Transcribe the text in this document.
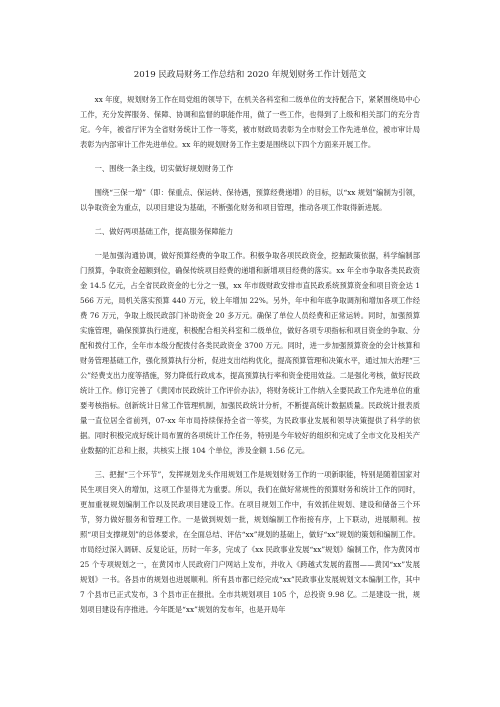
2019 民政局财务工作总结和 2020 年规划财务工作计划范文

xx 年度，规划财务工作在局党组的领导下，在机关各科室和二级单位的支持配合下，紧紧围绕局中心工作，充分发挥服务、保障、协调和监督的职能作用，做了一些工作，也得到了上级和相关部门的充分肯定。今年，被省厅评为全省财务统计工作一等奖，被市财政局表彰为全市财会工作先进单位，被市审计局表彰为内部审计工作先进单位。xx 年的规划财务工作主要是围绕以下四个方面来开展工作。

一、围绕一条主线，切实做好规划财务工作

围绕“三保一增”（即：保重点、保运转、保待遇，预算经费递增）的目标，以“xx 规划”编制为引领，以争取资金为重点，以项目建设为基础，不断强化财务和项目管理，推动各项工作取得新进展。

二、做好两项基础工作，提高服务保障能力

一是加强沟通协调，做好预算经费的争取工作。积极争取各项民政资金，挖掘政策依据，科学编制部门预算，争取资金超额到位，确保传统项目经费的递增和新增项目经费的落实。xx 年全市争取各类民政资金 14.5 亿元，占全省民政资金的七分之一强，xx 年市级财政安排市直民政系统预算资金和项目资金达 1566 万元，局机关落实预算 440 万元，较上年增加 22%。另外，年中和年底争取调剂和增加各项工作经费 76 万元，争取上级民政部门补助资金 20 多万元。确保了单位人员经费和正常运转。同时，加强预算实施管理，确保预算执行进度，积极配合相关科室和二级单位，做好各项专项指标和项目资金的争取、分配和拨付工作，全年市本级分配拨付各类民政资金 3700 万元。同时，进一步加强预算资金的会计核算和财务管理基础工作，强化预算执行分析，促进支出结构优化，提高预算管理和决策水平，通过加大治理“三公”经费支出力度等措施，努力降低行政成本，提高预算执行率和资金使用效益。二是强化考核，做好民政统计工作。修订完善了《黄冈市民政统计工作评价办法》，将财务统计工作纳入全要民政工作先进单位的重要考核指标。创新统计日常工作管理机制，加强民政统计分析，不断提高统计数据质量。民政统计报表质量一直位居全省前列，07-xx 年市局持续保持全省一等奖，为民政事业发展和领导决策提供了科学的依据。同时积极完成好统计局布置的各项统计工作任务，特别是今年较好的组织和完成了全市文化及相关产业数据的汇总和上报，共核实上报 104 个单位，涉及金额 1.56 亿元。

三、把握“三个环节”，发挥规划龙头作用规划工作是规划财务工作的一项新职能，特别是随着国家对民生项目突入的增加，这项工作显得尤为重要。所以，我们在做好常规性的预算财务和统计工作的同时，更加重视规划编制工作以及民政项目建设工作。在项目规划工作中，有效抓住规划、建设和储备三个环节，努力做好服务和管理工作。一是做到规划一批，规划编制工作衔接有序，上下联动，进展顺利。按照“项目支撑规划”的总体要求，在全面总结、评估“xx”规划的基础上，做好“xx”规划的策划和编制工作。市局经过深入调研、反复论证，历时一年多，完成了《xx 民政事业发展“xx”规划》编制工作，作为黄冈市 25 个专项规划之一，在黄冈市人民政府门户网站上发布，并收入《跨越式发展的蓝图——黄冈“xx”发展规划》一书。各县市的规划也进展顺利。所有县市都已经完成“xx”民政事业发展规划文本编制工作，其中 7 个县市已正式发布，3 个县市正在报批。全市共规划项目 105 个，总投资 9.98 亿。二是建设一批，规划项目建设有序推进。今年既是“xx”规划的发布年，也是开局年
